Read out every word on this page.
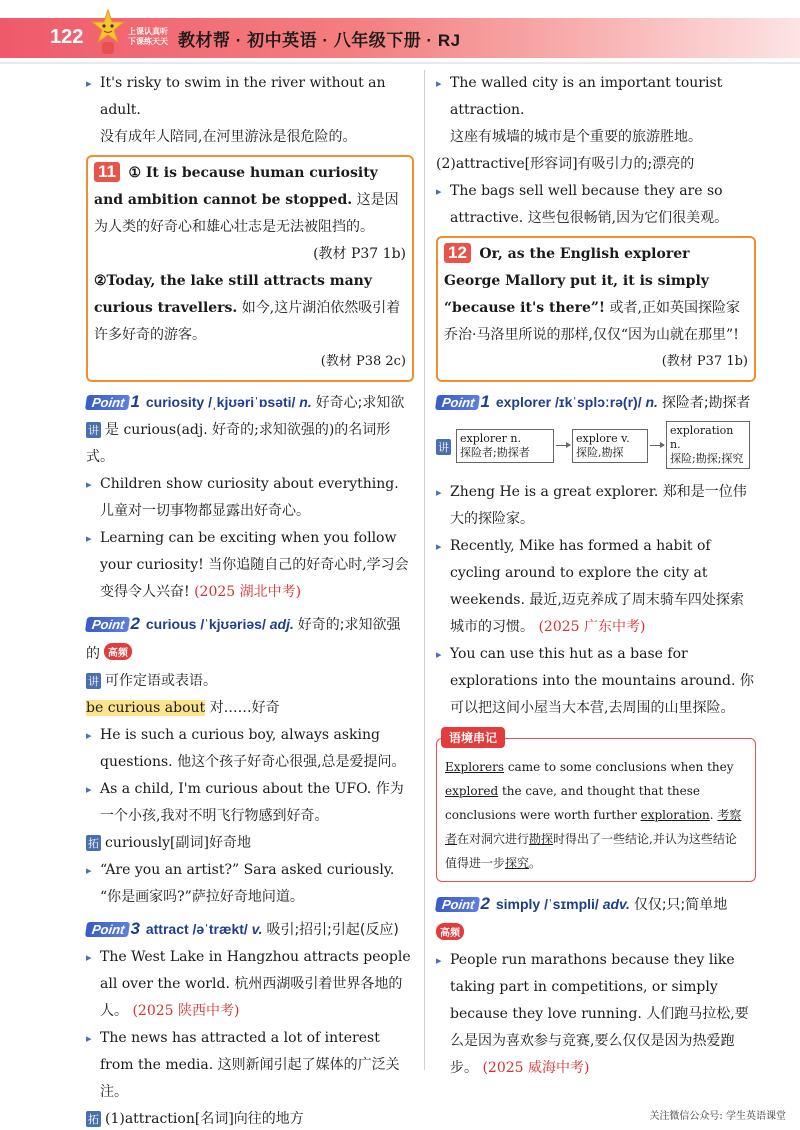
122	上课认真听 下课练天天 教材帮 · 初中英语 · 八年级下册 · RJ
▸ It's risky to swim in the river without an adult.
没有成年人陪同,在河里游泳是很危险的。
11 ① It is because human curiosity and ambition cannot be stopped. 这是因为人类的好奇心和雄心壮志是无法被阻挡的。
(教材 P37 1b)
②Today, the lake still attracts many curious travellers. 如今,这片湖泊依然吸引着许多好奇的游客。
(教材 P38 2c)
Point 1 curiosity /ˌkjʊəriˈɒsəti/ n. 好奇心;求知欲
讲 是 curious(adj. 好奇的;求知欲强的)的名词形式。
▸ Children show curiosity about everything. 儿童对一切事物都显露出好奇心。
▸ Learning can be exciting when you follow your curiosity! 当你追随自己的好奇心时,学习会变得令人兴奋! (2025 湖北中考)
Point 2 curious /ˈkjʊəriəs/ adj. 好奇的;求知欲强的 高频
讲 可作定语或表语。
be curious about 对……好奇
▸ He is such a curious boy, always asking questions. 他这个孩子好奇心很强,总是爱提问。
▸ As a child, I'm curious about the UFO. 作为一个小孩,我对不明飞行物感到好奇。
拓 curiously[副词]好奇地
▸ “Are you an artist?” Sara asked curiously. “你是画家吗?”萨拉好奇地问道。
Point 3 attract /əˈtrækt/ v. 吸引;招引;引起(反应)
▸ The West Lake in Hangzhou attracts people all over the world. 杭州西湖吸引着世界各地的人。 (2025 陕西中考)
▸ The news has attracted a lot of interest from the media. 这则新闻引起了媒体的广泛关注。
拓 (1)attraction[名词]向往的地方
▸ The walled city is an important tourist attraction.
这座有城墙的城市是个重要的旅游胜地。
(2)attractive[形容词]有吸引力的;漂亮的
▸ The bags sell well because they are so attractive. 这些包很畅销,因为它们很美观。
12 Or, as the English explorer George Mallory put it, it is simply “because it's there”! 或者,正如英国探险家乔治·马洛里所说的那样,仅仅“因为山就在那里”!
(教材 P37 1b)
Point 1 explorer /ɪkˈsplɔːrə(r)/ n. 探险者;勘探者
讲
explorer n.
探险者;勘探者
explore v.
探险,勘探
exploration n.
探险;勘探;探究
▸ Zheng He is a great explorer. 郑和是一位伟大的探险家。
▸ Recently, Mike has formed a habit of cycling around to explore the city at weekends. 最近,迈克养成了周末骑车四处探索城市的习惯。 (2025 广东中考)
▸ You can use this hut as a base for explorations into the mountains around. 你可以把这间小屋当大本营,去周围的山里探险。
语境串记
Explorers came to some conclusions when they explored the cave, and thought that these conclusions were worth further exploration. 考察者在对洞穴进行勘探时得出了一些结论,并认为这些结论值得进一步探究。
Point 2 simply /ˈsɪmpli/ adv. 仅仅;只;简单地 高频
▸ People run marathons because they like taking part in competitions, or simply because they love running. 人们跑马拉松,要么是因为喜欢参与竞赛,要么仅仅是因为热爱跑步。 (2025 威海中考)
关注微信公众号: 学生英语课堂
